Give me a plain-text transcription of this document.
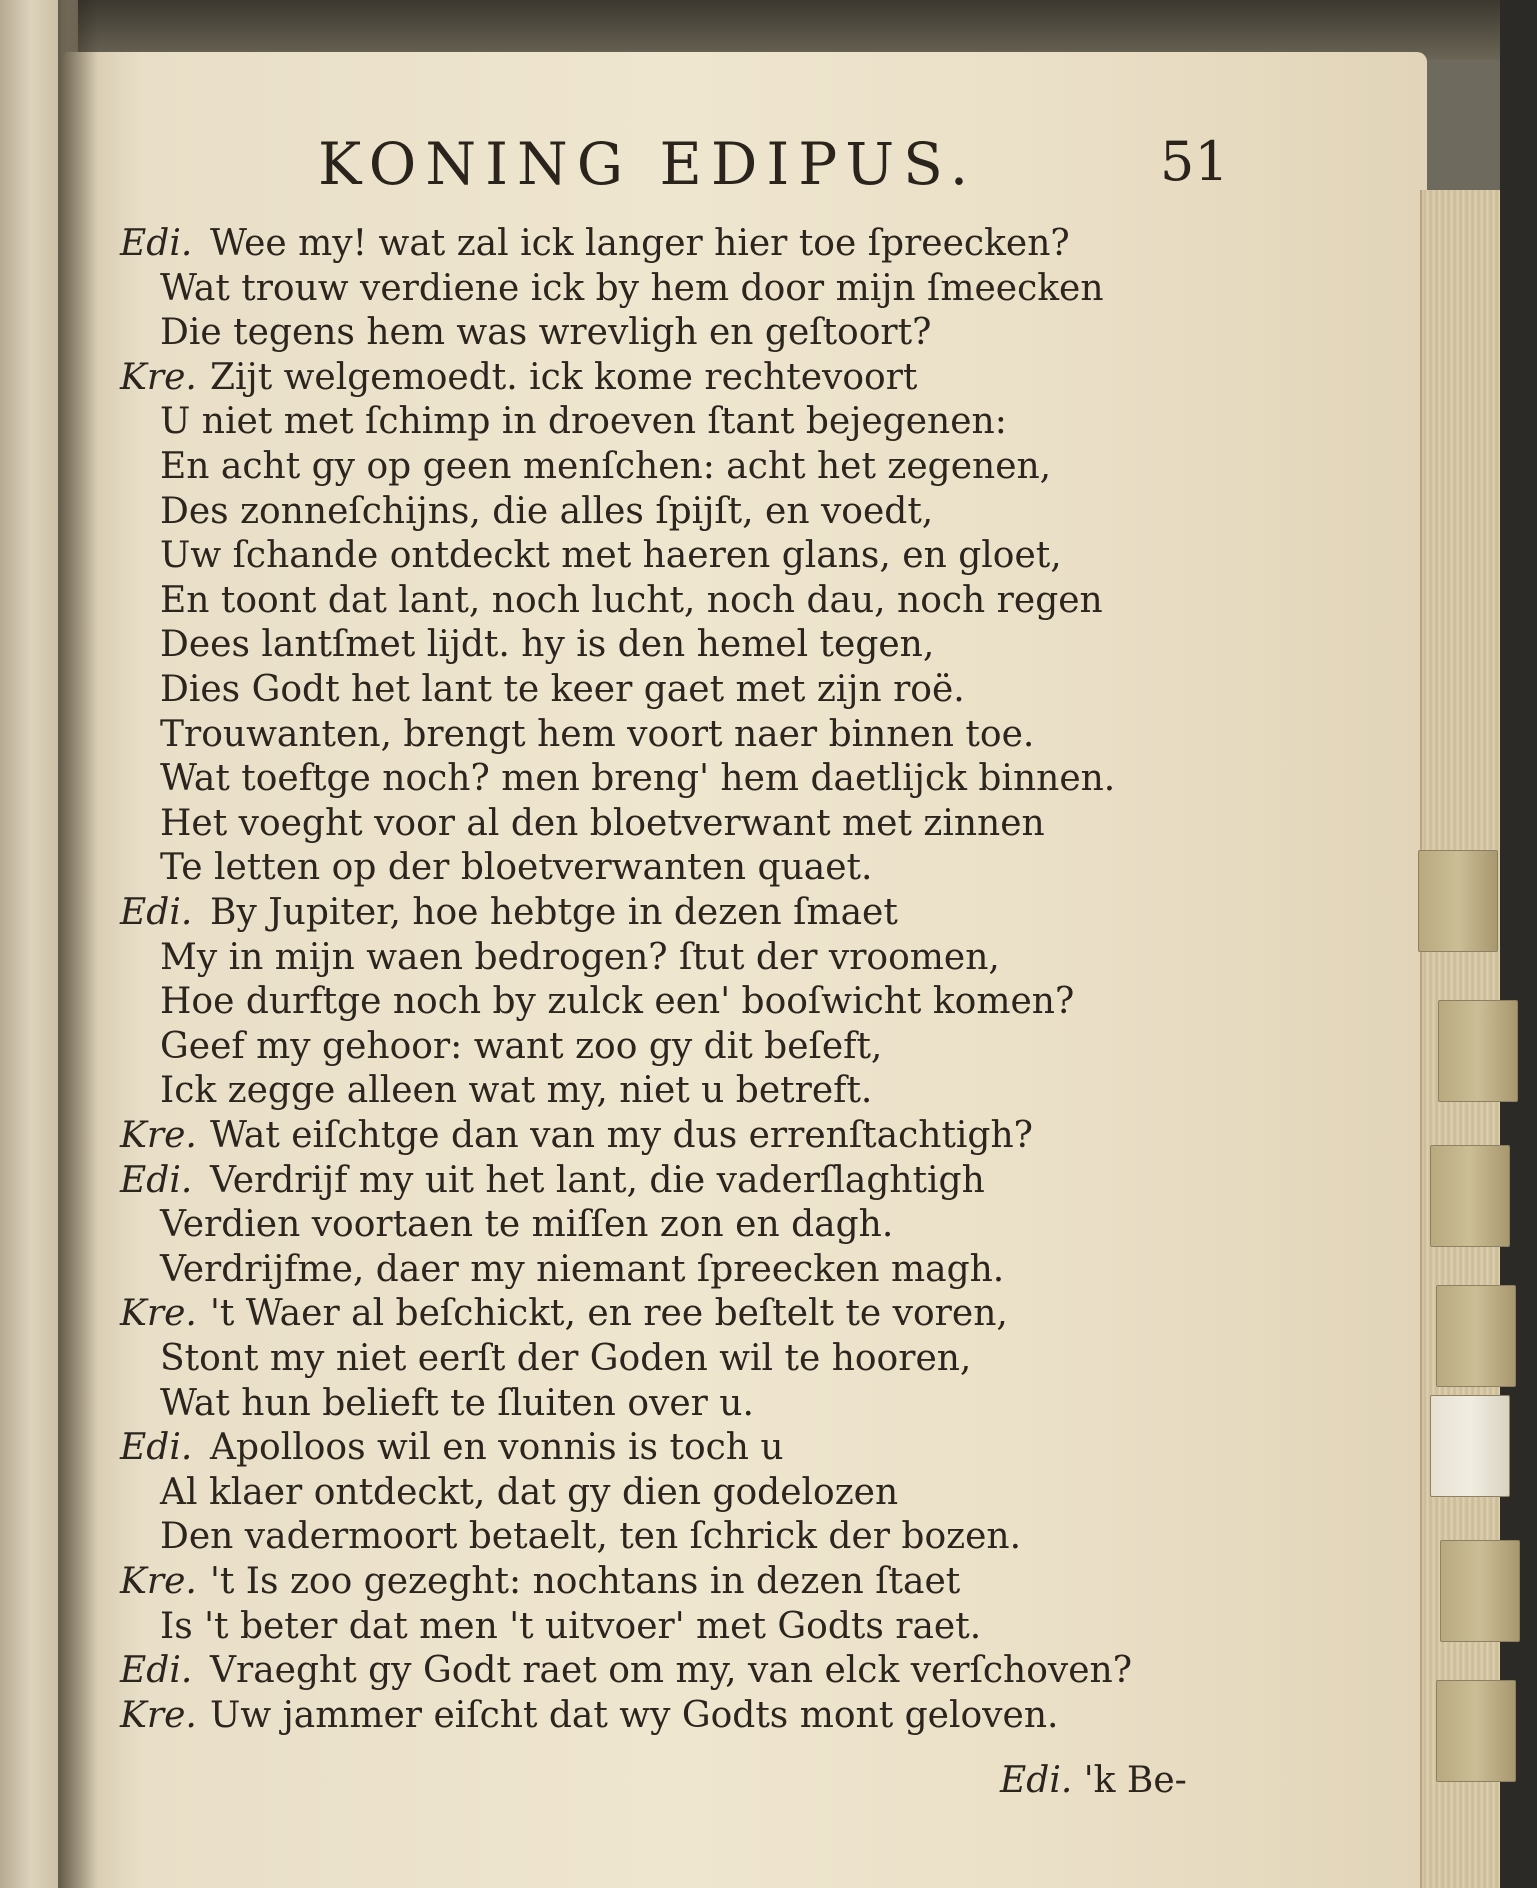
KONING EDIPUS.	51
Edi. Wee my! wat zal ick langer hier toe ſpreecken?
Wat trouw verdiene ick by hem door mijn ſmeecken
Die tegens hem was wrevligh en geſtoort?
Kre. Zijt welgemoedt. ick kome rechtevoort
U niet met ſchimp in droeven ſtant bejegenen:
En acht gy op geen menſchen: acht het zegenen,
Des zonneſchijns, die alles ſpijſt, en voedt,
Uw ſchande ontdeckt met haeren glans, en gloet,
En toont dat lant, noch lucht, noch dau, noch regen
Dees lantſmet lijdt. hy is den hemel tegen,
Dies Godt het lant te keer gaet met zijn roë.
Trouwanten, brengt hem voort naer binnen toe.
Wat toeftge noch? men breng' hem daetlijck binnen.
Het voeght voor al den bloetverwant met zinnen
Te letten op der bloetverwanten quaet.
Edi. By Jupiter, hoe hebtge in dezen ſmaet
My in mijn waen bedrogen? ſtut der vroomen,
Hoe durftge noch by zulck een' booſwicht komen?
Geef my gehoor: want zoo gy dit beſeft,
Ick zegge alleen wat my, niet u betreft.
Kre. Wat eiſchtge dan van my dus errenſtachtigh?
Edi. Verdrijf my uit het lant, die vaderſlaghtigh
Verdien voortaen te miſſen zon en dagh.
Verdrijfme, daer my niemant ſpreecken magh.
Kre. 't Waer al beſchickt, en ree beſtelt te voren,
Stont my niet eerſt der Goden wil te hooren,
Wat hun belieft te ſluiten over u.
Edi. Apolloos wil en vonnis is toch u
Al klaer ontdeckt, dat gy dien godelozen
Den vadermoort betaelt, ten ſchrick der bozen.
Kre. 't Is zoo gezeght: nochtans in dezen ſtaet
Is 't beter dat men 't uitvoer' met Godts raet.
Edi. Vraeght gy Godt raet om my, van elck verſchoven?
Kre. Uw jammer eiſcht dat wy Godts mont geloven.
Edi. 'k Be-
